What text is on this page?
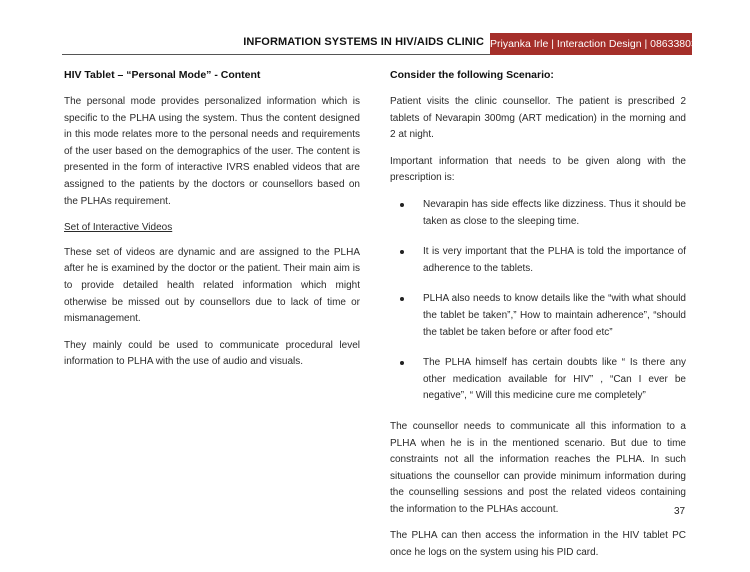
INFORMATION SYSTEMS IN HIV/AIDS CLINIC Priyanka Irle | Interaction Design | 08633803
HIV Tablet – “Personal Mode” - Content

The personal mode provides personalized information which is specific to the PLHA using the system. Thus the content designed in this mode relates more to the personal needs and requirements of the user based on the demographics of the user. The content is presented in the form of interactive IVRS enabled videos that are assigned to the patients by the doctors or counsellors based on the PLHAs requirement.

Set of Interactive Videos

These set of videos are dynamic and are assigned to the PLHA after he is examined by the doctor or the patient. Their main aim is to provide detailed health related information which might otherwise be missed out by counsellors due to lack of time or mismanagement.

They mainly could be used to communicate procedural level information to PLHA with the use of audio and visuals.

Consider the following Scenario:

Patient visits the clinic counsellor. The patient is prescribed 2 tablets of Nevarapin 300mg (ART medication) in the morning and 2 at night.

Important information that needs to be given along with the prescription is:

Nevarapin has side effects like dizziness. Thus it should be taken as close to the sleeping time.
It is very important that the PLHA is told the importance of adherence to the tablets.
PLHA also needs to know details like the “with what should the tablet be taken”,” How to maintain adherence”, “should the tablet be taken before or after food etc”
The PLHA himself has certain doubts like “ Is there any other medication available for HIV” , “Can I ever be negative”, “ Will this medicine cure me completely”

The counsellor needs to communicate all this information to a PLHA when he is in the mentioned scenario. But due to time constraints not all the information reaches the PLHA. In such situations the counsellor can provide minimum information during the counselling sessions and post the related videos containing the information to the PLHAs account.

The PLHA can then access the information in the HIV tablet PC once he logs on the system using his PID card.

37
